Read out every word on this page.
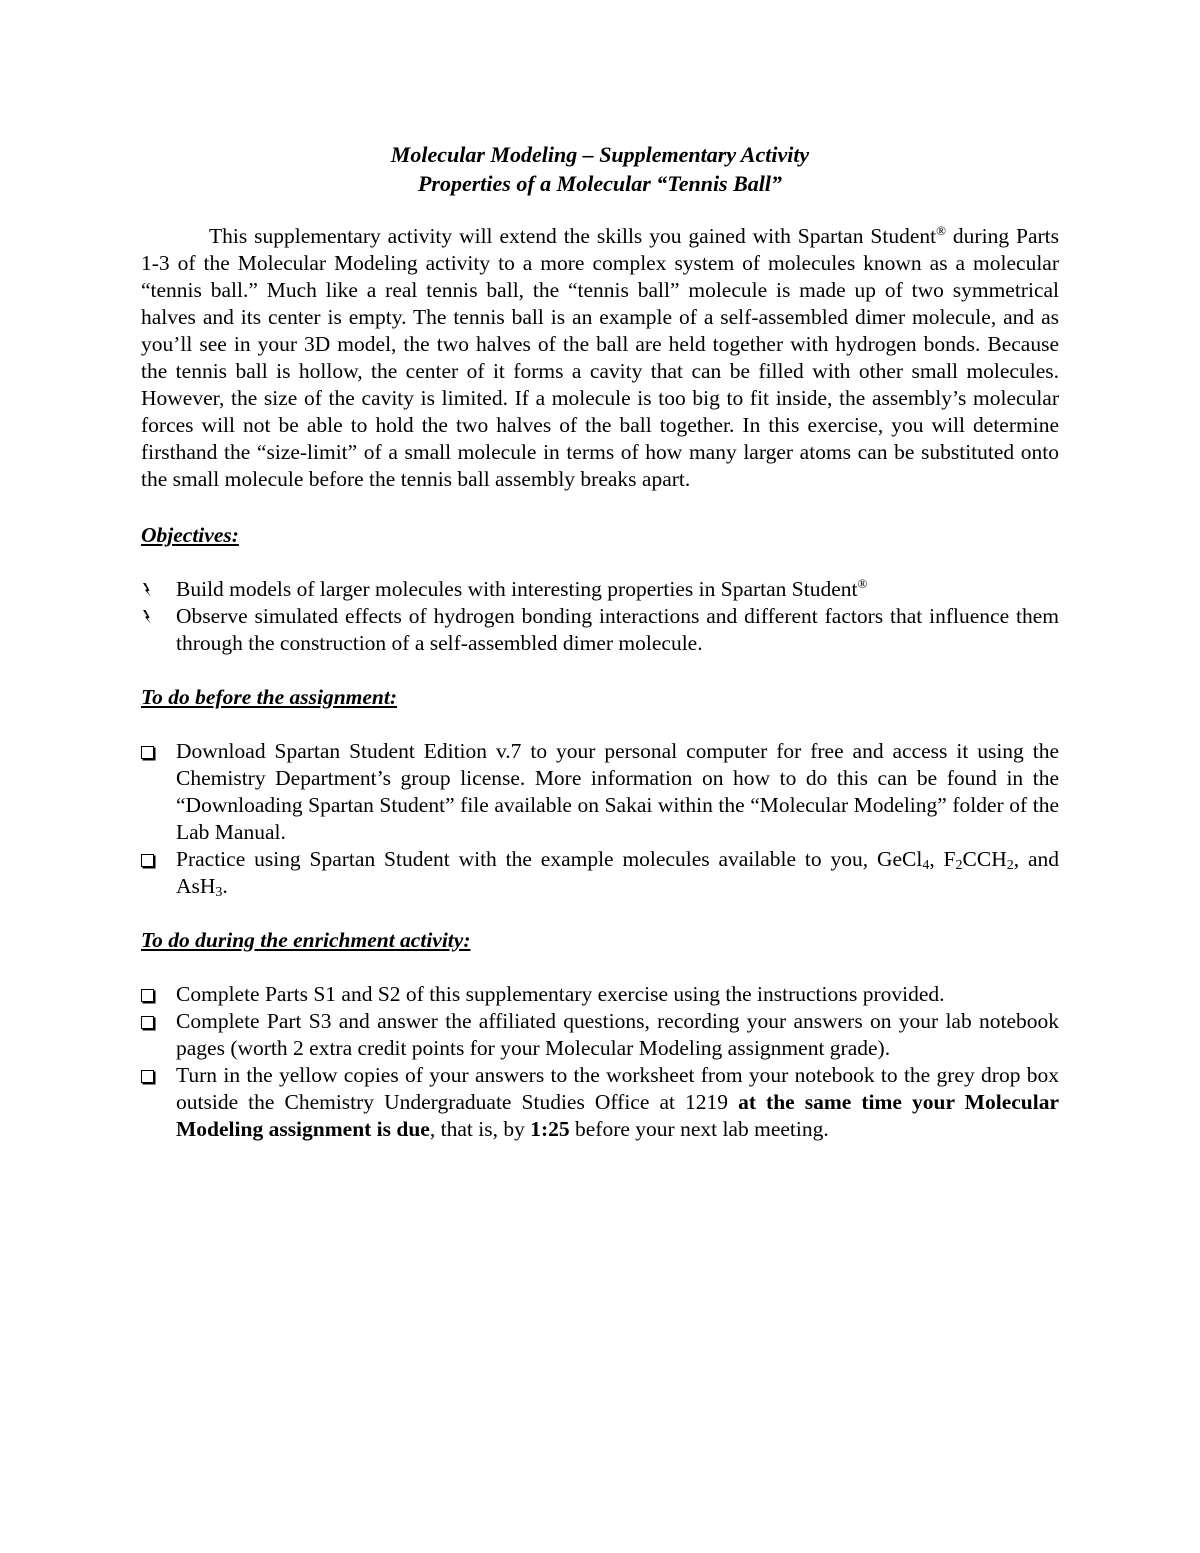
Molecular Modeling – Supplementary Activity

Properties of a Molecular “Tennis Ball”

This supplementary activity will extend the skills you gained with Spartan Student® during Parts 1-3 of the Molecular Modeling activity to a more complex system of molecules known as a molecular “tennis ball.” Much like a real tennis ball, the “tennis ball” molecule is made up of two symmetrical halves and its center is empty. The tennis ball is an example of a self-assembled dimer molecule, and as you’ll see in your 3D model, the two halves of the ball are held together with hydrogen bonds. Because the tennis ball is hollow, the center of it forms a cavity that can be filled with other small molecules. However, the size of the cavity is limited. If a molecule is too big to fit inside, the assembly’s molecular forces will not be able to hold the two halves of the ball together. In this exercise, you will determine firsthand the “size-limit” of a small molecule in terms of how many larger atoms can be substituted onto the small molecule before the tennis ball assembly breaks apart.

Objectives:

Build models of larger molecules with interesting properties in Spartan Student®
Observe simulated effects of hydrogen bonding interactions and different factors that influence them through the construction of a self-assembled dimer molecule.

To do before the assignment:

Download Spartan Student Edition v.7 to your personal computer for free and access it using the Chemistry Department’s group license. More information on how to do this can be found in the “Downloading Spartan Student” file available on Sakai within the “Molecular Modeling” folder of the Lab Manual.
Practice using Spartan Student with the example molecules available to you, GeCl$_4$, $F_2CCH_2$, and AsH$_3$.

To do during the enrichment activity:

Complete Parts S1 and S2 of this supplementary exercise using the instructions provided.
Complete Part S3 and answer the affiliated questions, recording your answers on your lab notebook pages (worth 2 extra credit points for your Molecular Modeling assignment grade).
Turn in the yellow copies of your answers to the worksheet from your notebook to the grey drop box outside the Chemistry Undergraduate Studies Office at 1219 at the same time your Molecular Modeling assignment is due, that is, by 1:25 before your next lab meeting.
